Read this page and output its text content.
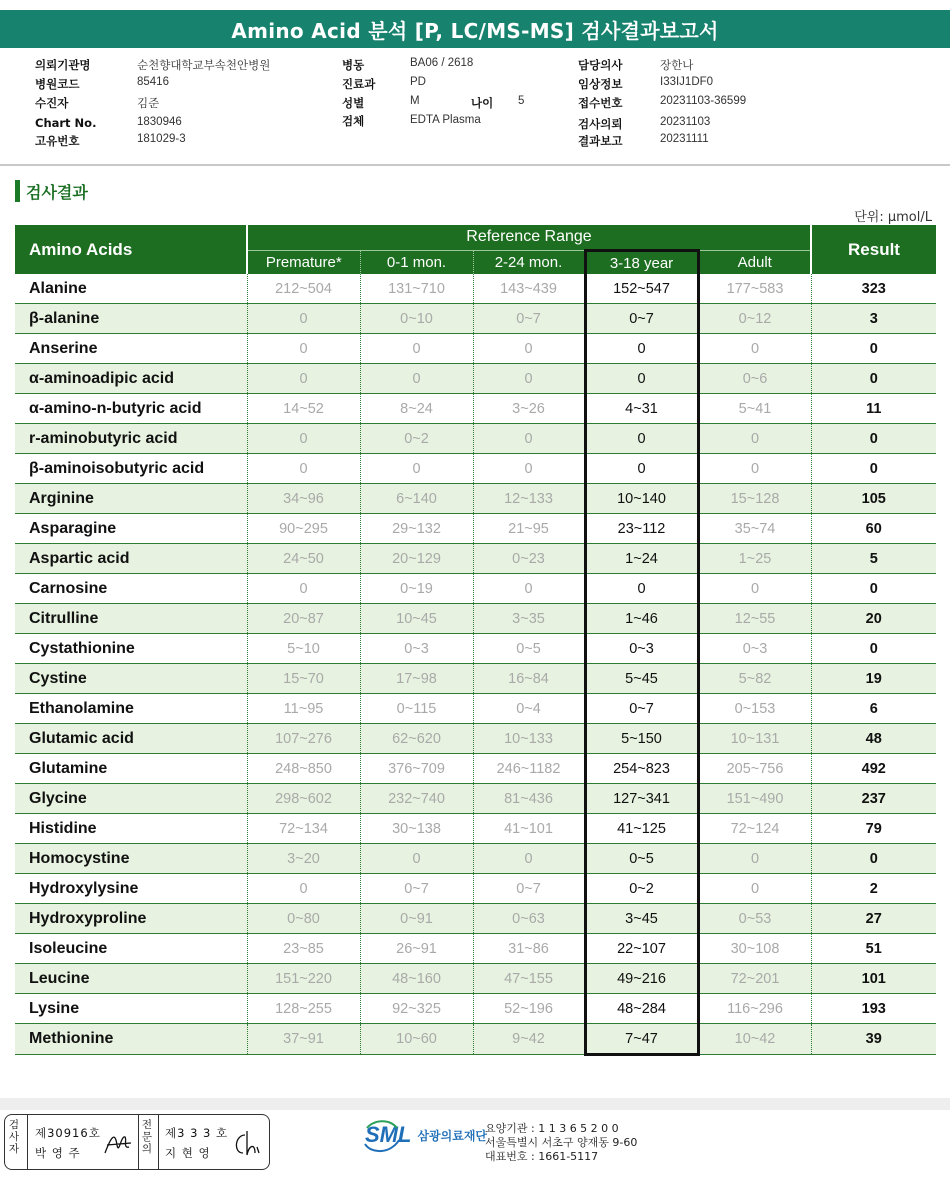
Amino Acid 분석 [P, LC/MS-MS] 검사결과보고서
의뢰기관명	순천향대학교부속천안병원
병원코드	85416
수진자	김준
Chart No.	1830946
고유번호	181029-3
병동	BA06 / 2618
진료과	PD
성별	M	나이 5
검체	EDTA Plasma
담당의사	장한나
임상정보	I33IJ1DF0
접수번호	20231103-36599
검사의뢰	20231103
결과보고	20231111
검사결과
단위: μmol/L
Amino Acids	Reference Range					Result
	Premature*	0-1 mon.	2-24 mon.	3-18 year	Adult	
Alanine	212~504	131~710	143~439	152~547	177~583	323
β-alanine	0	0~10	0~7	0~7	0~12	3
Anserine	0	0	0	0	0	0
α-aminoadipic acid	0	0	0	0	0~6	0
α-amino-n-butyric acid	14~52	8~24	3~26	4~31	5~41	11
r-aminobutyric acid	0	0~2	0	0	0	0
β-aminoisobutyric acid	0	0	0	0	0	0
Arginine	34~96	6~140	12~133	10~140	15~128	105
Asparagine	90~295	29~132	21~95	23~112	35~74	60
Aspartic acid	24~50	20~129	0~23	1~24	1~25	5
Carnosine	0	0~19	0	0	0	0
Citrulline	20~87	10~45	3~35	1~46	12~55	20
Cystathionine	5~10	0~3	0~5	0~3	0~3	0
Cystine	15~70	17~98	16~84	5~45	5~82	19
Ethanolamine	11~95	0~115	0~4	0~7	0~153	6
Glutamic acid	107~276	62~620	10~133	5~150	10~131	48
Glutamine	248~850	376~709	246~1182	254~823	205~756	492
Glycine	298~602	232~740	81~436	127~341	151~490	237
Histidine	72~134	30~138	41~101	41~125	72~124	79
Homocystine	3~20	0	0	0~5	0	0
Hydroxylysine	0	0~7	0~7	0~2	0	2
Hydroxyproline	0~80	0~91	0~63	3~45	0~53	27
Isoleucine	23~85	26~91	31~86	22~107	30~108	51
Leucine	151~220	48~160	47~155	49~216	72~201	101
Lysine	128~255	92~325	52~196	48~284	116~296	193
Methionine	37~91	10~60	9~42	7~47	10~42	39
검사자
제30916호
박 영 주
전문의
제3 3 3 호
지 현 영
SML 삼광의료재단
요양기관 : 1 1 3 6 5 2 0 0
서울특별시 서초구 양재동 9-60
대표번호 : 1661-5117
